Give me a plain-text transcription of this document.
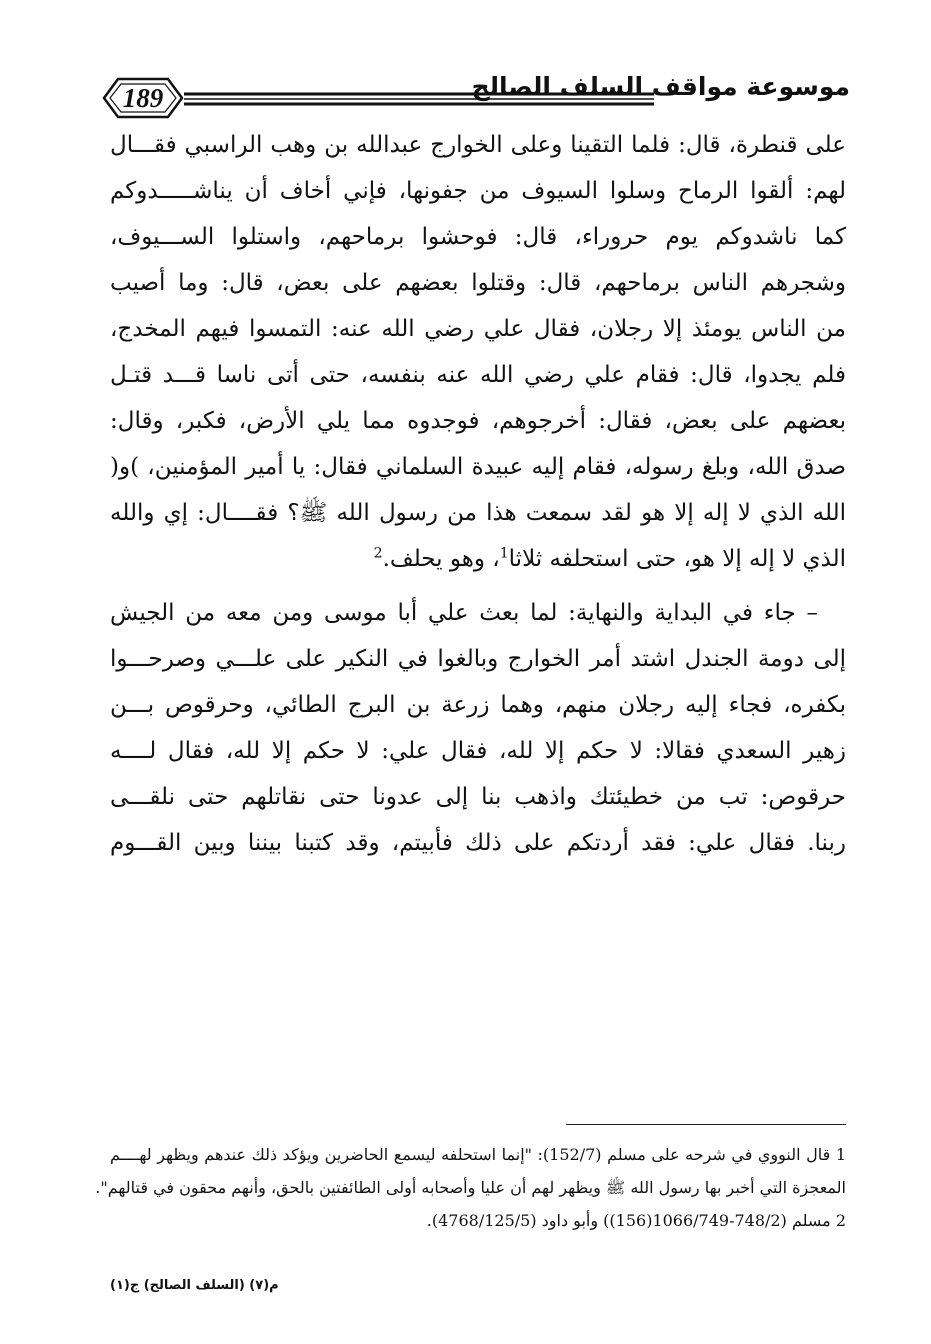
189	موسوعة مواقف السلف الصالح
على قنطرة، قال: فلما التقينا وعلى الخوارج عبدالله بن وهب الراسبي فقـــال
لهم: ألقوا الرماح وسلوا السيوف من جفونها، فإني أخاف أن يناشـــــدوكم
كما ناشدوكم يوم حروراء، قال: فوحشوا برماحهم، واستلوا الســـيوف،
وشجرهم الناس برماحهم، قال: وقتلوا بعضهم على بعض، قال: وما أصيب
من الناس يومئذ إلا رجلان، فقال علي رضي الله عنه: التمسوا فيهم المخدج،
فلم يجدوا، قال: فقام علي رضي الله عنه بنفسه، حتى أتى ناسا قـــد قتـل
بعضهم على بعض، فقال: أخرجوهم، فوجدوه مما يلي الأرض، فكبر، وقال:
صدق الله، وبلغ رسوله، فقام إليه عبيدة السلماني فقال: يا أمير المؤمنين، )و(
الله الذي لا إله إلا هو لقد سمعت هذا من رسول الله ﷺ؟ فقــــال: إي والله
الذي لا إله إلا هو، حتى استحلفه ثلاثا$^1$، وهو يحلف.$^2$
– جاء في البداية والنهاية: لما بعث علي أبا موسى ومن معه من الجيش
إلى دومة الجندل اشتد أمر الخوارج وبالغوا في النكير على علـــي وصرحـــوا
بكفره، فجاء إليه رجلان منهم، وهما زرعة بن البرج الطائي، وحرقوص بـــن
زهير السعدي فقالا: لا حكم إلا لله، فقال علي: لا حكم إلا لله، فقال لــــه
حرقوص: تب من خطيئتك واذهب بنا إلى عدونا حتى نقاتلهم حتى نلقـــى
ربنا. فقال علي: فقد أردتكم على ذلك فأبيتم، وقد كتبنا بيننا وبين القـــوم
1 قال النووي في شرحه على مسلم (152/7): "إنما استحلفه ليسمع الحاضرين ويؤكد ذلك عندهم ويظهر لهــــم
المعجزة التي أخبر بها رسول الله ﷺ ويظهر لهم أن عليا وأصحابه أولى الطائفتين بالحق، وأنهم محقون في قتالهم".
2 مسلم (748/2-1066/749(156)) وأبو داود (4768/125/5).
م(٧) (السلف الصالح) ج(١)
